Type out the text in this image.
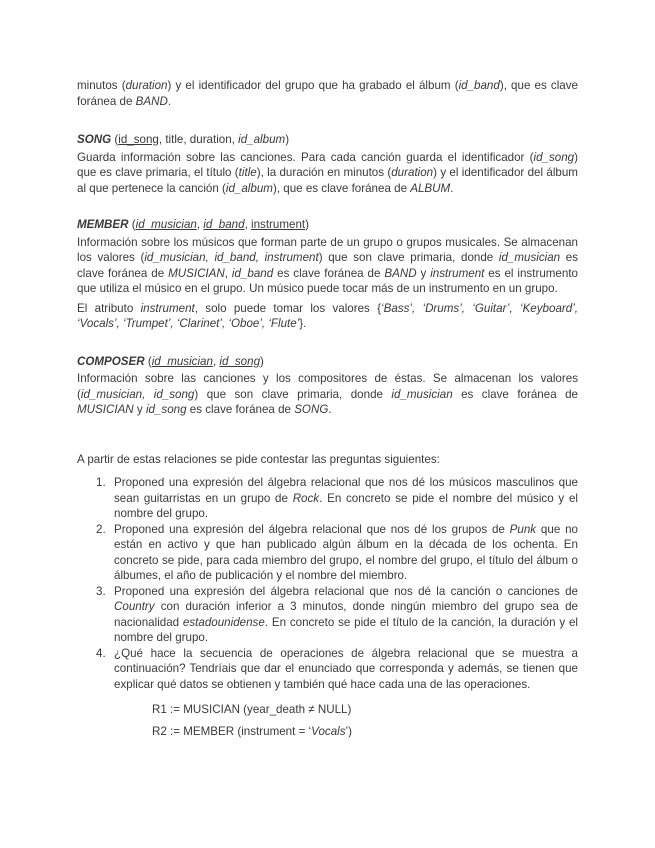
minutos (duration) y el identificador del grupo que ha grabado el álbum (id_band), que es clave foránea de BAND.

SONG (id_song, title, duration, id_album)

Guarda información sobre las canciones. Para cada canción guarda el identificador (id_song) que es clave primaria, el título (title), la duración en minutos (duration) y el identificador del álbum al que pertenece la canción (id_album), que es clave foránea de ALBUM.

MEMBER (id_musician, id_band, instrument)

Información sobre los músicos que forman parte de un grupo o grupos musicales. Se almacenan los valores (id_musician, id_band, instrument) que son clave primaria, donde id_musician es clave foránea de MUSICIAN, id_band es clave foránea de BAND y instrument es el instrumento que utiliza el músico en el grupo. Un músico puede tocar más de un instrumento en un grupo.

El atributo instrument, solo puede tomar los valores {‘Bass’, ‘Drums’, ‘Guitar’, ‘Keyboard’, ‘Vocals’, ‘Trumpet’, ‘Clarinet’, ‘Oboe’, ‘Flute’}.

COMPOSER (id_musician, id_song)

Información sobre las canciones y los compositores de éstas. Se almacenan los valores (id_musician, id_song) que son clave primaria, donde id_musician es clave foránea de MUSICIAN y id_song es clave foránea de SONG.

A partir de estas relaciones se pide contestar las preguntas siguientes:

1. Proponed una expresión del álgebra relacional que nos dé los músicos masculinos que sean guitarristas en un grupo de Rock. En concreto se pide el nombre del músico y el nombre del grupo.
2. Proponed una expresión del álgebra relacional que nos dé los grupos de Punk que no están en activo y que han publicado algún álbum en la década de los ochenta. En concreto se pide, para cada miembro del grupo, el nombre del grupo, el título del álbum o álbumes, el año de publicación y el nombre del miembro.
3. Proponed una expresión del álgebra relacional que nos dé la canción o canciones de Country con duración inferior a 3 minutos, donde ningún miembro del grupo sea de nacionalidad estadounidense. En concreto se pide el título de la canción, la duración y el nombre del grupo.
4. ¿Qué hace la secuencia de operaciones de álgebra relacional que se muestra a continuación? Tendríais que dar el enunciado que corresponda y además, se tienen que explicar qué datos se obtienen y también qué hace cada una de las operaciones.
R1 := MUSICIAN (year_death ≠ NULL)
R2 := MEMBER (instrument = ‘Vocals’)
